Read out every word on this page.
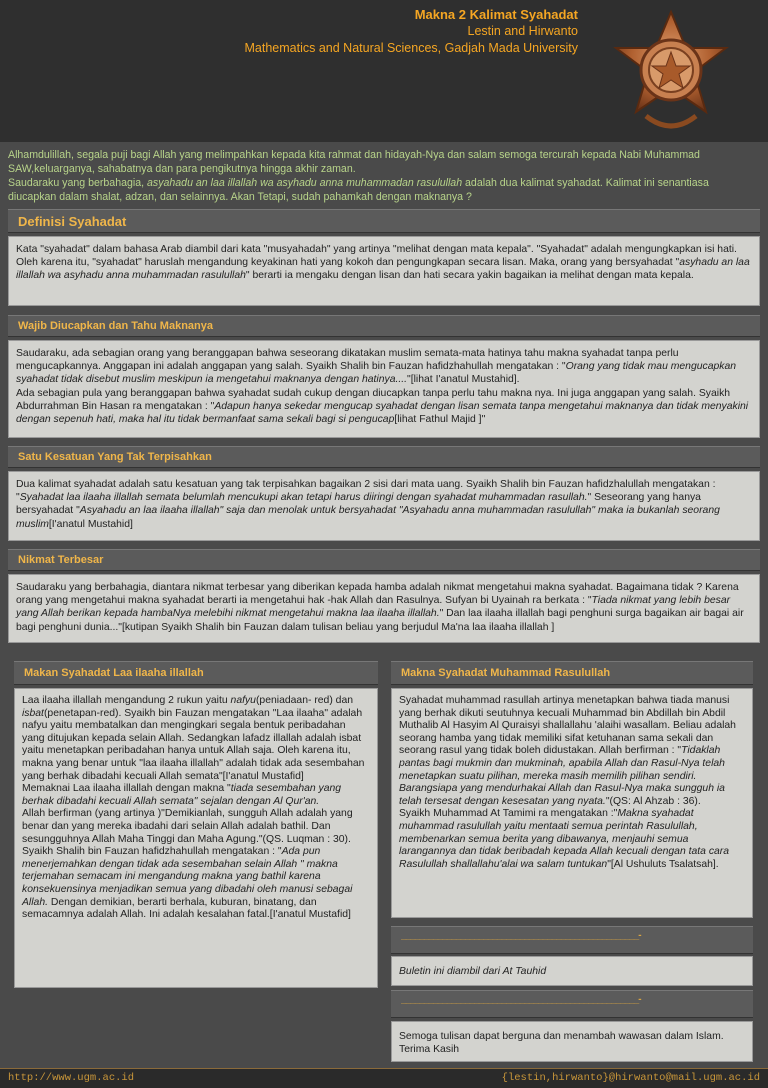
Makna 2 Kalimat Syahadat
Lestin and Hirwanto
Mathematics and Natural Sciences, Gadjah Mada University
Alhamdulillah, segala puji bagi Allah yang melimpahkan kepada kita rahmat dan hidayah-Nya dan salam semoga tercurah kepada Nabi Muhammad SAW,keluarganya, sahabatnya dan para pengikutnya hingga akhir zaman.
Saudaraku yang berbahagia, asyahadu an laa illallah wa asyhadu anna muhammadan rasulullah adalah dua kalimat syahadat. Kalimat ini senantiasa diucapkan dalam shalat, adzan, dan selainnya. Akan Tetapi, sudah pahamkah dengan maknanya ?
Definisi Syahadat
Kata "syahadat" dalam bahasa Arab diambil dari kata "musyahadah" yang artinya "melihat dengan mata kepala". "Syahadat" adalah mengungkapkan isi hati. Oleh karena itu, "syahadat" haruslah mengandung keyakinan hati yang kokoh dan pengungkapan secara lisan. Maka, orang yang bersyahadat "asyhadu an laa illallah wa asyhadu anna muhammadan rasulullah" berarti ia mengaku dengan lisan dan hati secara yakin bagaikan ia melihat dengan mata kepala.
Wajib Diucapkan dan Tahu Maknanya
Saudaraku, ada sebagian orang yang beranggapan bahwa seseorang dikatakan muslim semata-mata hatinya tahu makna syahadat tanpa perlu mengucapkannya. Anggapan ini adalah anggapan yang salah. Syaikh Shalih bin Fauzan hafidzhahullah mengatakan : "Orang yang tidak mau mengucapkan syahadat tidak disebut muslim meskipun ia mengetahui maknanya dengan hatinya...."[lihat I'anatul Mustahid].
Ada sebagian pula yang beranggapan bahwa syahadat sudah cukup dengan diucapkan tanpa perlu tahu makna nya. Ini juga anggapan yang salah. Syaikh Abdurrahman Bin Hasan ra mengatakan : "Adapun hanya sekedar mengucap syahadat dengan lisan semata tanpa mengetahui maknanya dan tidak menyakini dengan sepenuh hati, maka hal itu tidak bermanfaat sama sekali bagi si pengucap[lihat Fathul Majid ]"
Satu Kesatuan Yang Tak Terpisahkan
Dua kalimat syahadat adalah satu kesatuan yang tak terpisahkan bagaikan 2 sisi dari mata uang. Syaikh Shalih bin Fauzan hafidzhalullah mengatakan : "Syahadat laa ilaaha illallah semata belumlah mencukupi akan tetapi harus diiringi dengan syahadat muhammadan rasullah." Seseorang yang hanya bersyahadat "Asyahadu an laa ilaaha illallah" saja dan menolak untuk bersyahadat "Asyahadu anna muhammadan rasulullah" maka ia bukanlah seorang muslim[I'anatul Mustahid]
Nikmat Terbesar
Saudaraku yang berbahagia, diantara nikmat terbesar yang diberikan kepada hamba adalah nikmat mengetahui makna syahadat. Bagaimana tidak ? Karena orang yang mengetahui makna syahadat berarti ia mengetahui hak -hak Allah dan Rasulnya. Sufyan bi Uyainah ra berkata : "Tiada nikmat yang lebih besar yang Allah berikan kepada hambaNya melebihi nikmat mengetahui makna laa ilaaha illallah." Dan laa ilaaha illallah bagi penghuni surga bagaikan air bagai air bagi penghuni dunia..."[kutipan Syaikh Shalih bin Fauzan dalam tulisan beliau yang berjudul Ma'na laa ilaaha illallah ]
Makan Syahadat Laa ilaaha illallah
Laa ilaaha illallah mengandung 2 rukun yaitu nafyu(peniadaan- red) dan isbat(penetapan-red). Syaikh bin Fauzan mengatakan "Laa ilaaha" adalah nafyu yaitu membatalkan dan mengingkari segala bentuk peribadahan yang ditujukan kepada selain Allah. Sedangkan lafadz illallah adalah isbat yaitu menetapkan peribadahan hanya untuk Allah saja. Oleh karena itu, makna yang benar untuk "laa ilaaha illallah" adalah tidak ada sesembahan yang berhak dibadahi kecuali Allah semata"[I'anatul Mustafid]
Memaknai Laa ilaaha illallah dengan makna "tiada sesembahan yang berhak dibadahi kecuali Allah semata" sejalan dengan Al Qur'an.
Allah berfirman (yang artinya )"Demikianlah, sungguh Allah adalah yang benar dan yang mereka ibadahi dari selain Allah adalah bathil. Dan sesungguhnya Allah Maha Tinggi dan Maha Agung."(QS. Luqman : 30).
Syaikh Shalih bin Fauzan hafidzhahullah mengatakan : "Ada pun menerjemahkan dengan tidak ada sesembahan selain Allah " makna terjemahan semacam ini mengandung makna yang bathil karena konsekuensinya menjadikan semua yang dibadahi oleh manusi sebagai Allah. Dengan demikian, berarti berhala, kuburan, binatang, dan semacamnya adalah Allah. Ini adalah kesalahan fatal.[I'anatul Mustafid]
Makna Syahadat Muhammad Rasulullah
Syahadat muhammad rasullah artinya menetapkan bahwa tiada manusi yang berhak dikuti seutuhnya kecuali Muhammad bin Abdillah bin Abdil Muthalib Al Hasyim Al Quraisyi shallallahu 'alaihi wasallam. Beliau adalah seorang hamba yang tidak memiliki sifat ketuhanan sama sekali dan seorang rasul yang tidak boleh didustakan. Allah berfirman : "Tidaklah pantas bagi mukmin dan mukminah, apabila Allah dan Rasul-Nya telah menetapkan suatu pilihan, mereka masih memilih pilihan sendiri. Barangsiapa yang mendurhakai Allah dan Rasul-Nya maka sungguh ia telah tersesat dengan kesesatan yang nyata."(QS: Al Ahzab : 36).
Syaikh Muhammad At Tamimi ra mengatakan :"Makna syahadat muhammad rasulullah yaitu mentaati semua perintah Rasulullah, membenarkan semua berita yang dibawanya, menjauhi semua larangannya dan tidak beribadah kepada Allah kecuali dengan tata cara Rasulullah shallallahu'alai wa salam tuntukan"[Al Ushuluts Tsalatsah].
____________________________________________________-
Buletin ini diambil dari At Tauhid
____________________________________________________-
Semoga tulisan dapat berguna dan menambah wawasan dalam Islam. Terima Kasih
http://www.ugm.ac.id	{lestin,hirwanto}@hirwanto@mail.ugm.ac.id
